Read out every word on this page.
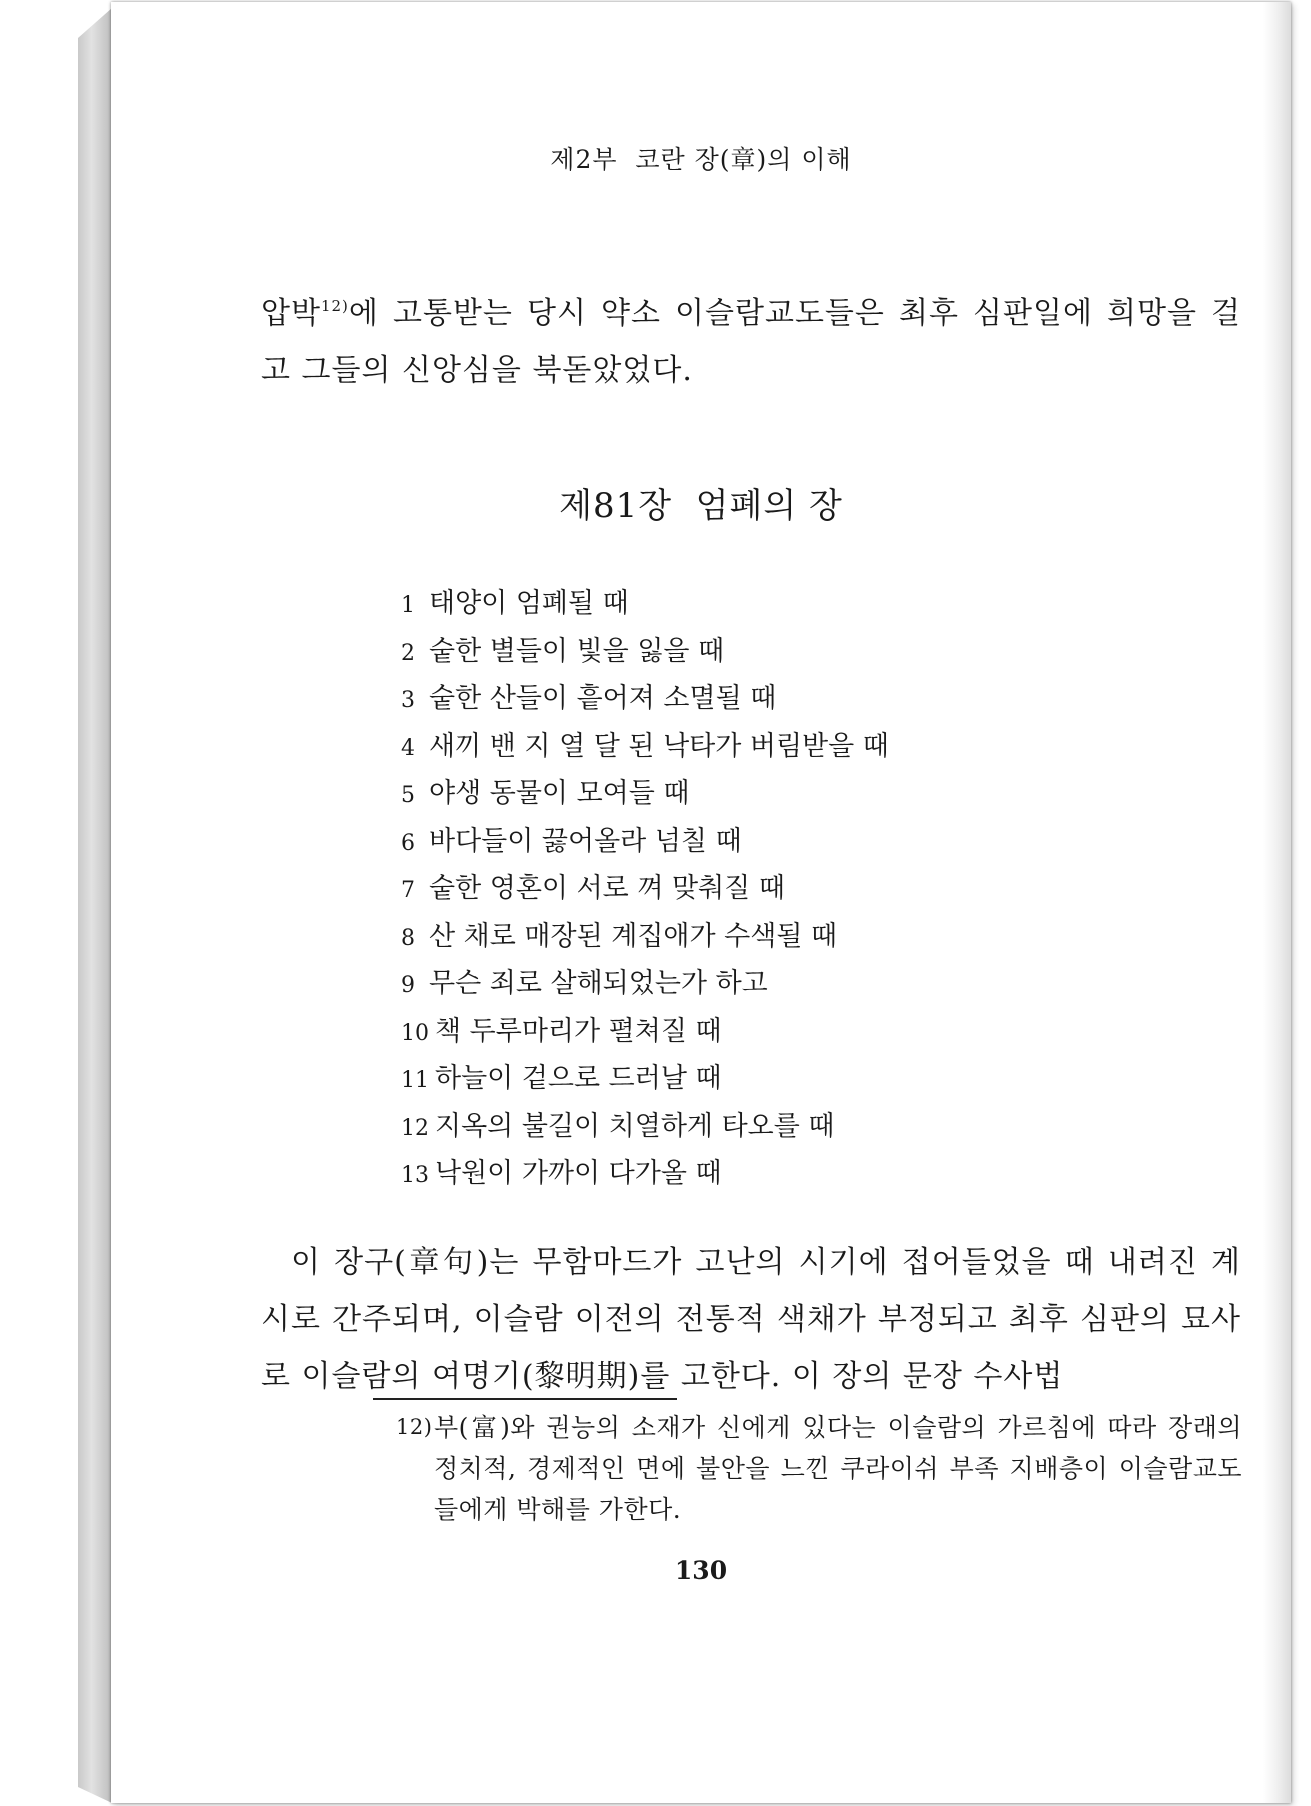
제2부  코란 장(章)의 이해
압박$^{12)}$에 고통받는 당시 약소 이슬람교도들은 최후 심판일에 희망을 걸고 그들의 신앙심을 북돋았었다.
제81장  엄폐의 장
1 태양이 엄폐될 때
2 숱한 별들이 빛을 잃을 때
3 숱한 산들이 흩어져 소멸될 때
4 새끼 밴 지 열 달 된 낙타가 버림받을 때
5 야생 동물이 모여들 때
6 바다들이 끓어올라 넘칠 때
7 숱한 영혼이 서로 껴 맞춰질 때
8 산 채로 매장된 계집애가 수색될 때
9 무슨 죄로 살해되었는가 하고
10 책 두루마리가 펼쳐질 때
11 하늘이 겉으로 드러날 때
12 지옥의 불길이 치열하게 타오를 때
13 낙원이 가까이 다가올 때
이 장구(章句)는 무함마드가 고난의 시기에 접어들었을 때 내려진 계시로 간주되며, 이슬람 이전의 전통적 색채가 부정되고 최후 심판의 묘사로 이슬람의 여명기(黎明期)를 고한다. 이 장의 문장 수사법
12) 부(富)와 권능의 소재가 신에게 있다는 이슬람의 가르침에 따라 장래의 정치적, 경제적인 면에 불안을 느낀 쿠라이쉬 부족 지배층이 이슬람교도들에게 박해를 가한다.
130
